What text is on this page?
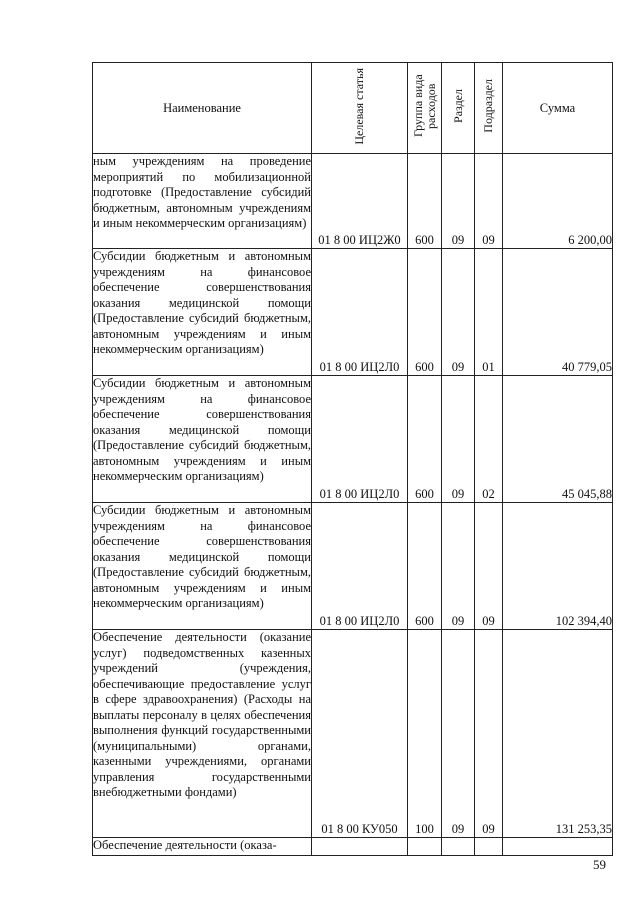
Наименование	Целевая статья	Группа вида расходов	Раздел	Подраздел	Сумма

ным учреждениям на проведение мероприятий по мобилизационной подготовке (Предоставление субсидий бюджетным, автономным учреждениям и иным некоммерческим организациям)	01 8 00 ИЦ2Ж0	600	09	09	6 200,00

Субсидии бюджетным и автономным учреждениям на финансовое обеспечение совершенствования оказания медицинской помощи (Предоставление субсидий бюджетным, автономным учреждениям и иным некоммерческим организациям)	01 8 00 ИЦ2Л0	600	09	01	40 779,05

Субсидии бюджетным и автономным учреждениям на финансовое обеспечение совершенствования оказания медицинской помощи (Предоставление субсидий бюджетным, автономным учреждениям и иным некоммерческим организациям)	01 8 00 ИЦ2Л0	600	09	02	45 045,88

Субсидии бюджетным и автономным учреждениям на финансовое обеспечение совершенствования оказания медицинской помощи (Предоставление субсидий бюджетным, автономным учреждениям и иным некоммерческим организациям)	01 8 00 ИЦ2Л0	600	09	09	102 394,40

Обеспечение деятельности (оказание услуг) подведомственных казенных учреждений (учреждения, обеспечивающие предоставление услуг в сфере здравоохранения) (Расходы на выплаты персоналу в целях обеспечения выполнения функций государственными (муниципальными) органами, казенными учреждениями, органами управления государственными внебюджетными фондами)	01 8 00 КУ050	100	09	09	131 253,35

Обеспечение деятельности (оказа-					

59
